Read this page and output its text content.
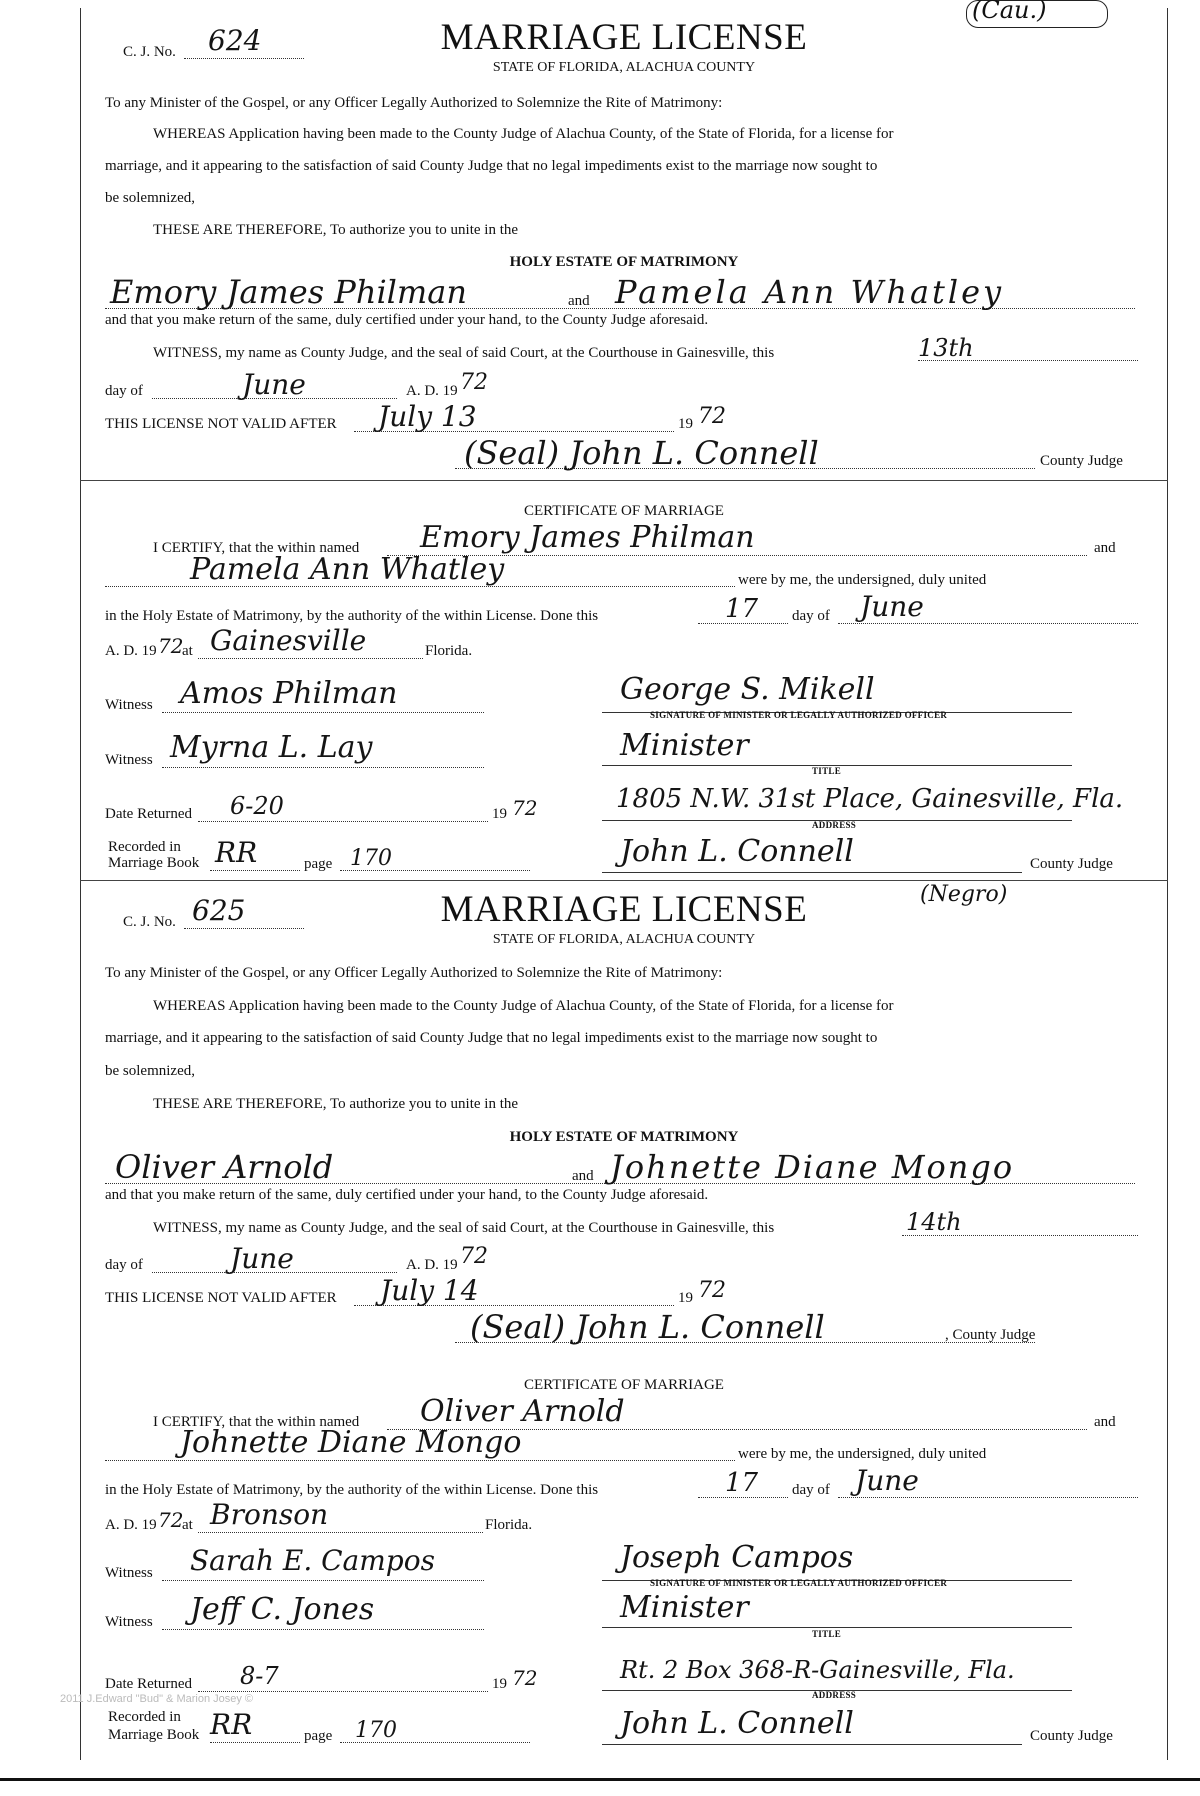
2011 J.Edward "Bud" & Marion Josey ©
(Cau.)
C. J. No. 624	MARRIAGE LICENSE
STATE OF FLORIDA, ALACHUA COUNTY
To any Minister of the Gospel, or any Officer Legally Authorized to Solemnize the Rite of Matrimony:
WHEREAS Application having been made to the County Judge of Alachua County, of the State of Florida, for a license for
marriage, and it appearing to the satisfaction of said County Judge that no legal impediments exist to the marriage now sought to
be solemnized,
THESE ARE THEREFORE, To authorize you to unite in the
HOLY ESTATE OF MATRIMONY
Emory James Philman	and Pamela Ann Whatley
and that you make return of the same, duly certified under your hand, to the County Judge aforesaid.
WITNESS, my name as County Judge, and the seal of said Court, at the Courthouse in Gainesville, this	13th
day of	June	A. D. 19 72
THIS LICENSE NOT VALID AFTER July 13	19 72
(Seal) John L. Connell	County Judge
CERTIFICATE OF MARRIAGE
I CERTIFY, that the within named Emory James Philman	and
Pamela Ann Whatley	were by me, the undersigned, duly united
in the Holy Estate of Matrimony, by the authority of the within License. Done this	17 day of June
A. D. 19 72
at Gainesville	Florida.
Witness Amos Philman	George S. Mikell
SIGNATURE OF MINISTER OR LEGALLY AUTHORIZED OFFICER
Witness Myrna L. Lay	Minister
TITLE
Date Returned 6-20	19 72	1805 N.W. 31st Place, Gainesville, Fla.
ADDRESS
Recorded in
Marriage Book RR	page 170	John L. Connell	County Judge
(Negro)
C. J. No. 625	MARRIAGE LICENSE
STATE OF FLORIDA, ALACHUA COUNTY
To any Minister of the Gospel, or any Officer Legally Authorized to Solemnize the Rite of Matrimony:
WHEREAS Application having been made to the County Judge of Alachua County, of the State of Florida, for a license for
marriage, and it appearing to the satisfaction of said County Judge that no legal impediments exist to the marriage now sought to
be solemnized,
THESE ARE THEREFORE, To authorize you to unite in the
HOLY ESTATE OF MATRIMONY
Oliver Arnold	and Johnette Diane Mongo
and that you make return of the same, duly certified under your hand, to the County Judge aforesaid.
WITNESS, my name as County Judge, and the seal of said Court, at the Courthouse in Gainesville, this	14th
day of	June	A. D. 19 72
THIS LICENSE NOT VALID AFTER July 14	19 72
(Seal) John L. Connell	, County Judge
CERTIFICATE OF MARRIAGE
I CERTIFY, that the within named Oliver Arnold	and
Johnette Diane Mongo	were by me, the undersigned, duly united
in the Holy Estate of Matrimony, by the authority of the within License. Done this	17 day of June
A. D. 19 72
at Bronson	Florida.
Witness Sarah E. Campos	Joseph Campos
SIGNATURE OF MINISTER OR LEGALLY AUTHORIZED OFFICER
Witness Jeff C. Jones	Minister
TITLE
Date Returned 8-7	19 72	Rt. 2 Box 368-R-Gainesville, Fla.
ADDRESS
Recorded in
Marriage Book RR	page 170	John L. Connell	County Judge
